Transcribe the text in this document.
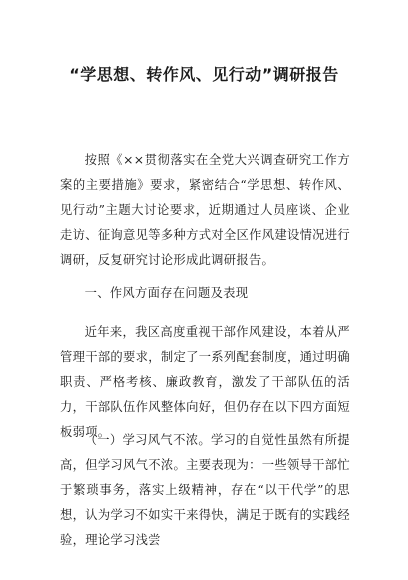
“学思想、转作风、见行动”调研报告

按照《××贯彻落实在全党大兴调查研究工作方案的主要措施》要求，紧密结合“学思想、转作风、见行动”主题大讨论要求，近期通过人员座谈、企业走访、征询意见等多种方式对全区作风建设情况进行调研，反复研究讨论形成此调研报告。

一、作风方面存在问题及表现

近年来，我区高度重视干部作风建设，本着从严管理干部的要求，制定了一系列配套制度，通过明确职责、严格考核、廉政教育，激发了干部队伍的活力，干部队伍作风整体向好，但仍存在以下四方面短板弱项。

（一）学习风气不浓。学习的自觉性虽然有所提高，但学习风气不浓。主要表现为：一些领导干部忙于繁琐事务，落实上级精神，存在“以干代学”的思想，认为学习不如实干来得快，满足于既有的实践经验，理论学习浅尝
